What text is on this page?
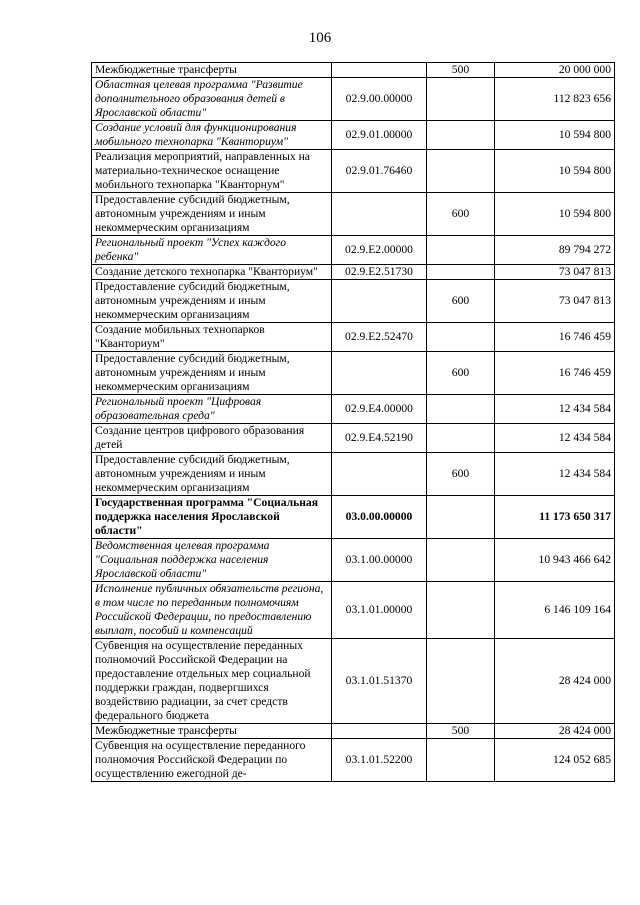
106
Межбюджетные трансферты		500	20 000 000
Областная целевая программа "Развитие дополнительного образования детей в Ярославской области"	02.9.00.00000		112 823 656
Создание условий для функционирования мобильного технопарка "Кванториум"	02.9.01.00000		10 594 800
Реализация мероприятий, направленных на материально-техническое оснащение мобильного технопарка "Кванторнум"	02.9.01.76460		10 594 800
Предоставление субсидий бюджетным, автономным учреждениям и иным некоммерческим организациям		600	10 594 800
Региональный проект "Успех каждого ребенка"	02.9.Е2.00000		89 794 272
Создание детского технопарка "Кванториум"	02.9.Е2.51730		73 047 813
Предоставление субсидий бюджетным, автономным учреждениям и иным некоммерческим организациям		600	73 047 813
Создание мобильных технопарков "Кванториум"	02.9.Е2.52470		16 746 459
Предоставление субсидий бюджетным, автономным учреждениям и иным некоммерческим организациям		600	16 746 459
Региональный проект "Цифровая образовательная среда"	02.9.Е4.00000		12 434 584
Создание центров цифрового образования детей	02.9.Е4.52190		12 434 584
Предоставление субсидий бюджетным, автономным учреждениям и иным некоммерческим организациям		600	12 434 584
Государственная программа "Социальная поддержка населения Ярославской области"	03.0.00.00000		11 173 650 317
Ведомственная целевая программа "Социальная поддержка населения Ярославской области"	03.1.00.00000		10 943 466 642
Исполнение публичных обязательств региона, в том числе по переданным полномочиям Российской Федерации, по предоставлению выплат, пособий и компенсаций	03.1.01.00000		6 146 109 164
Субвенция на осуществление переданных полномочий Российской Федерации на предоставление отдельных мер социальной поддержки граждан, подвергшихся воздействию радиации, за счет средств федерального бюджета	03.1.01.51370		28 424 000
Межбюджетные трансферты		500	28 424 000
Субвенция на осуществление переданного полномочия Российской Федерации по осуществлению ежегодной де-	03.1.01.52200		124 052 685
